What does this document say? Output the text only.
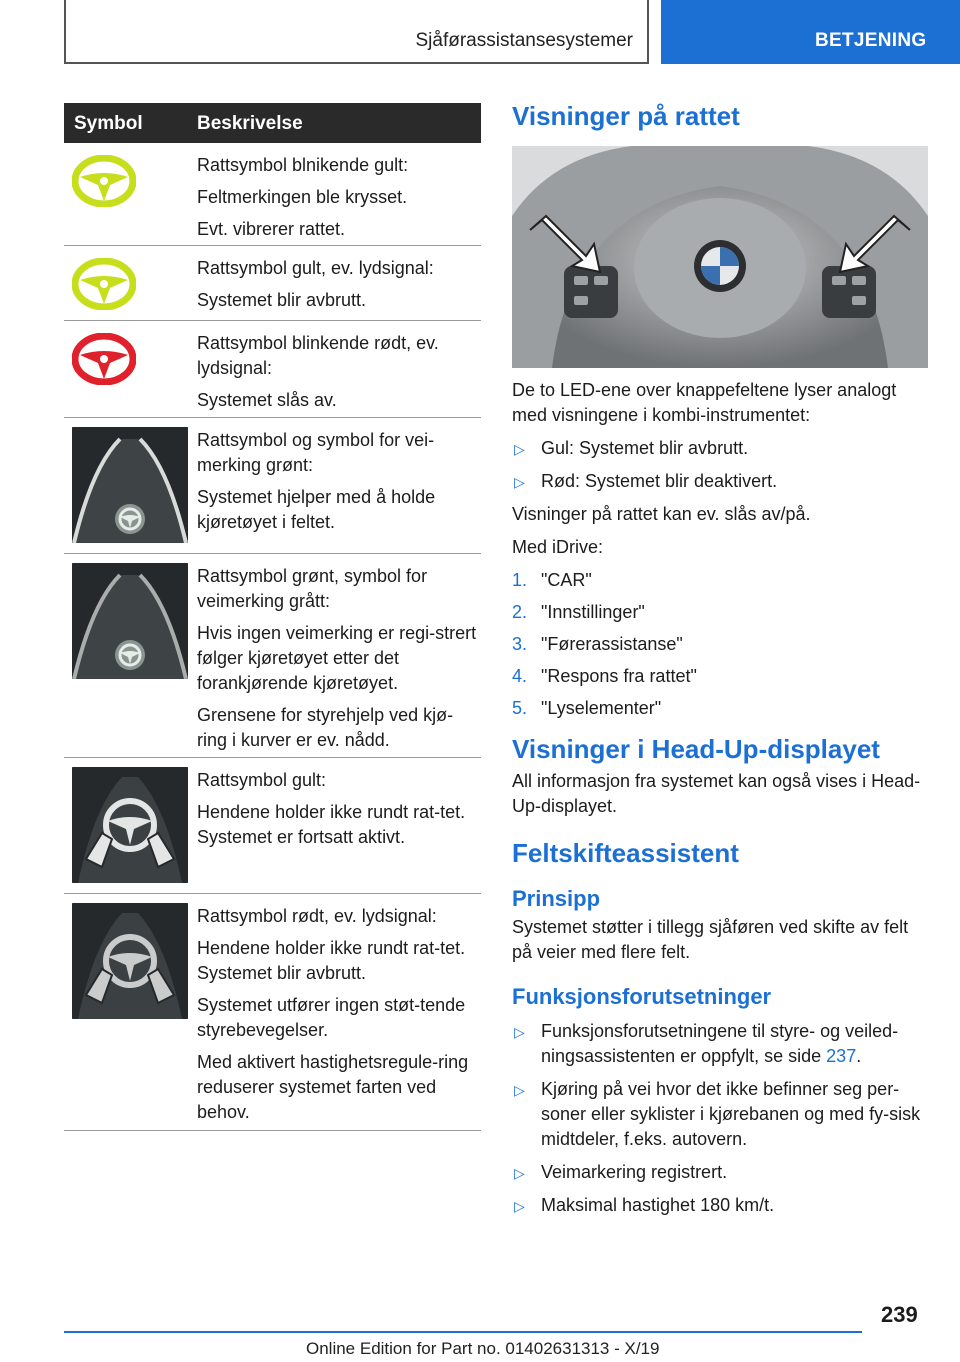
Sjåførassistansesystemer	BETJENING
Symbol	Beskrivelse

Rattsymbol blnikende gult:

Feltmerkingen ble krysset.

Evt. vibrerer rattet.

Rattsymbol gult, ev. lydsignal:

Systemet blir avbrutt.

Rattsymbol blinkende rødt, ev. lydsignal:

Systemet slås av.

Rattsymbol og symbol for vei-merking grønt:

Systemet hjelper med å holde kjøretøyet i feltet.

Rattsymbol grønt, symbol for veimerking grått:

Hvis ingen veimerking er regi-strert følger kjøretøyet etter det forankjørende kjøretøyet.

Grensene for styrehjelp ved kjø-ring i kurver er ev. nådd.

Rattsymbol gult:

Hendene holder ikke rundt rat-tet. Systemet er fortsatt aktivt.

Rattsymbol rødt, ev. lydsignal:

Hendene holder ikke rundt rat-tet. Systemet blir avbrutt.

Systemet utfører ingen støt-tende styrebevegelser.

Med aktivert hastighetsregule-ring reduserer systemet farten ved behov.

Visninger på rattet

De to LED-ene over knappefeltene lyser analogt med visningene i kombi-instrumentet:

▷ Gul: Systemet blir avbrutt.
▷ Rød: Systemet blir deaktivert.

Visninger på rattet kan ev. slås av/på.

Med iDrive:

1. "CAR"
2. "Innstillinger"
3. "Førerassistanse"
4. "Respons fra rattet"
5. "Lyselementer"
Visninger i Head-Up-displayet

All informasjon fra systemet kan også vises i Head-Up-displayet.

Feltskifteassistent
Prinsipp

Systemet støtter i tillegg sjåføren ved skifte av felt på veier med flere felt.

Funksjonsforutsetninger
▷ Funksjonsforutsetningene til styre- og veiled-ningsassistenten er oppfylt, se side 237.
▷ Kjøring på vei hvor det ikke befinner seg per-soner eller syklister i kjørebanen og med fy-sisk midtdeler, f.eks. autovern.
▷ Veimarkering registrert.
▷ Maksimal hastighet 180 km/t.
239
Online Edition for Part no. 01402631313 - X/19
